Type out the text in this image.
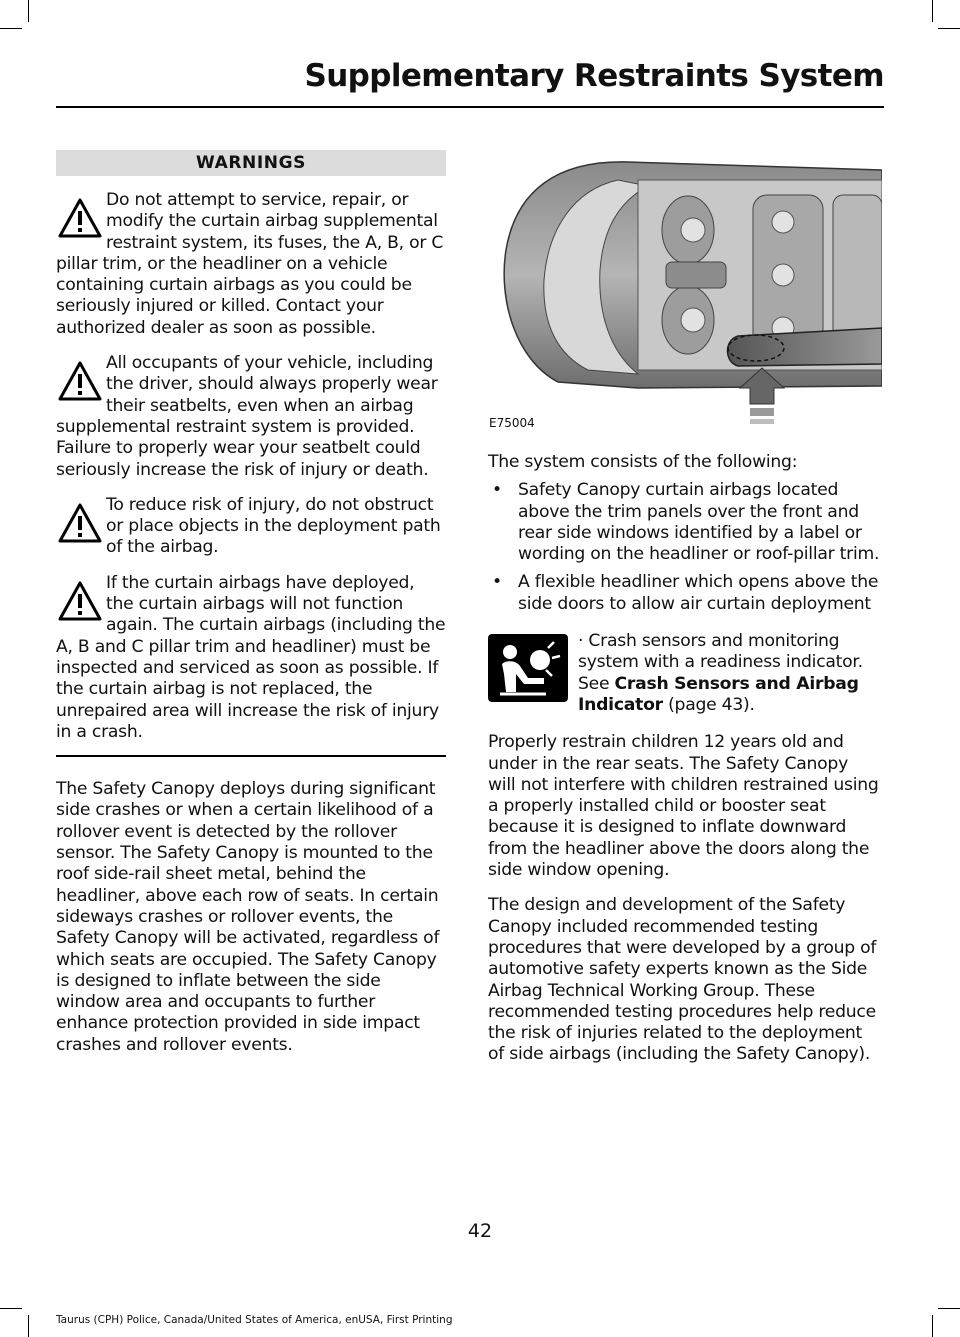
Supplementary Restraints System
WARNINGS
Do not attempt to service, repair, or modify the curtain airbag supplemental restraint system, its fuses, the A, B, or C pillar trim, or the headliner on a vehicle containing curtain airbags as you could be seriously injured or killed. Contact your authorized dealer as soon as possible.
All occupants of your vehicle, including the driver, should always properly wear their seatbelts, even when an airbag supplemental restraint system is provided. Failure to properly wear your seatbelt could seriously increase the risk of injury or death.
To reduce risk of injury, do not obstruct or place objects in the deployment path of the airbag.
If the curtain airbags have deployed, the curtain airbags will not function again. The curtain airbags (including the A, B and C pillar trim and headliner) must be inspected and serviced as soon as possible. If the curtain airbag is not replaced, the unrepaired area will increase the risk of injury in a crash.

The Safety Canopy deploys during significant side crashes or when a certain likelihood of a rollover event is detected by the rollover sensor. The Safety Canopy is mounted to the roof side-rail sheet metal, behind the headliner, above each row of seats. In certain sideways crashes or rollover events, the Safety Canopy will be activated, regardless of which seats are occupied. The Safety Canopy is designed to inflate between the side window area and occupants to further enhance protection provided in side impact crashes and rollover events.

E75004

The system consists of the following:

• Safety Canopy curtain airbags located above the trim panels over the front and rear side windows identified by a label or wording on the headliner or roof-pillar trim.
• A flexible headliner which opens above the side doors to allow air curtain deployment
· Crash sensors and monitoring system with a readiness indicator. See Crash Sensors and Airbag Indicator (page 43).

Properly restrain children 12 years old and under in the rear seats. The Safety Canopy will not interfere with children restrained using a properly installed child or booster seat because it is designed to inflate downward from the headliner above the doors along the side window opening.

The design and development of the Safety Canopy included recommended testing procedures that were developed by a group of automotive safety experts known as the Side Airbag Technical Working Group. These recommended testing procedures help reduce the risk of injuries related to the deployment of side airbags (including the Safety Canopy).

42
Taurus (CPH) Police, Canada/United States of America, enUSA, First Printing
